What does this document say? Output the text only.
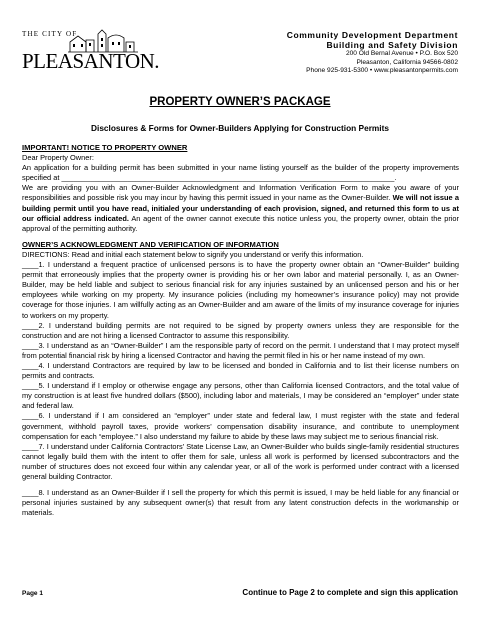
THE CITY OF
PLEASANTON.
Community Development Department
Building and Safety Division
200 Old Bernal Avenue • P.O. Box 520
Pleasanton, California 94566-0802
Phone 925-931-5300 • www.pleasantonpermits.com
PROPERTY OWNER’S PACKAGE
Disclosures & Forms for Owner-Builders Applying for Construction Permits

IMPORTANT! NOTICE TO PROPERTY OWNER

Dear Property Owner:

An application for a building permit has been submitted in your name listing yourself as the builder of the property improvements specified at _________________________________________________________________________________.

We are providing you with an Owner-Builder Acknowledgment and Information Verification Form to make you aware of your responsibilities and possible risk you may incur by having this permit issued in your name as the Owner-Builder. We will not issue a building permit until you have read, initialed your understanding of each provision, signed, and returned this form to us at our official address indicated. An agent of the owner cannot execute this notice unless you, the property owner, obtain the prior approval of the permitting authority.

OWNER’S ACKNOWLEDGMENT AND VERIFICATION OF INFORMATION

DIRECTIONS: Read and initial each statement below to signify you understand or verify this information.

____1. I understand a frequent practice of unlicensed persons is to have the property owner obtain an “Owner-Builder” building permit that erroneously implies that the property owner is providing his or her own labor and material personally. I, as an Owner-Builder, may be held liable and subject to serious financial risk for any injuries sustained by an unlicensed person and his or her employees while working on my property. My insurance policies (including my homeowner’s insurance policy) may not provide coverage for those injuries. I am willfully acting as an Owner-Builder and am aware of the limits of my insurance coverage for injuries to workers on my property.

____2. I understand building permits are not required to be signed by property owners unless they are responsible for the construction and are not hiring a licensed Contractor to assume this responsibility.

____3. I understand as an “Owner-Builder” I am the responsible party of record on the permit. I understand that I may protect myself from potential financial risk by hiring a licensed Contractor and having the permit filed in his or her name instead of my own.

____4. I understand Contractors are required by law to be licensed and bonded in California and to list their license numbers on permits and contracts.

____5. I understand if I employ or otherwise engage any persons, other than California licensed Contractors, and the total value of my construction is at least five hundred dollars ($500), including labor and materials, I may be considered an “employer” under state and federal law.

____6. I understand if I am considered an “employer” under state and federal law, I must register with the state and federal government, withhold payroll taxes, provide workers’ compensation disability insurance, and contribute to unemployment compensation for each “employee.” I also understand my failure to abide by these laws may subject me to serious financial risk.

____7. I understand under California Contractors’ State License Law, an Owner-Builder who builds single-family residential structures cannot legally build them with the intent to offer them for sale, unless all work is performed by licensed subcontractors and the number of structures does not exceed four within any calendar year, or all of the work is performed under contract with a licensed general building Contractor.

____8. I understand as an Owner-Builder if I sell the property for which this permit is issued, I may be held liable for any financial or personal injuries sustained by any subsequent owner(s) that result from any latent construction defects in the workmanship or materials.

Page 1	Continue to Page 2 to complete and sign this application
